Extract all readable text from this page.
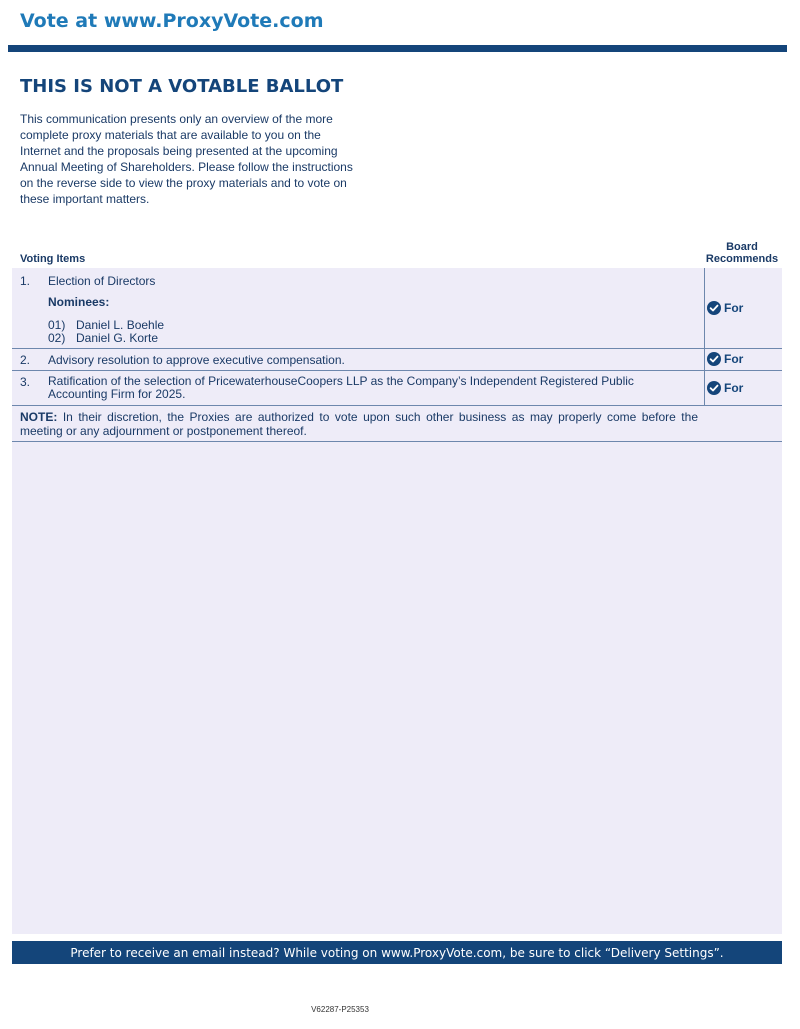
Vote at www.ProxyVote.com
THIS IS NOT A VOTABLE BALLOT
This communication presents only an overview of the more
complete proxy materials that are available to you on the
Internet and the proposals being presented at the upcoming
Annual Meeting of Shareholders. Please follow the instructions
on the reverse side to view the proxy materials and to vote on
these important matters.
Voting Items
Board
Recommends
1. Election of Directors
Nominees:
01) Daniel L. Boehle
02) Daniel G. Korte
For
2. Advisory resolution to approve executive compensation.	For
3. Ratification of the selection of PricewaterhouseCoopers LLP as the Company’s Independent Registered Public
Accounting Firm for 2025.	For
NOTE: In their discretion, the Proxies are authorized to vote upon such other business as may properly come before the meeting or any adjournment or postponement thereof.
Prefer to receive an email instead? While voting on www.ProxyVote.com, be sure to click “Delivery Settings”.
V62287-P25353
